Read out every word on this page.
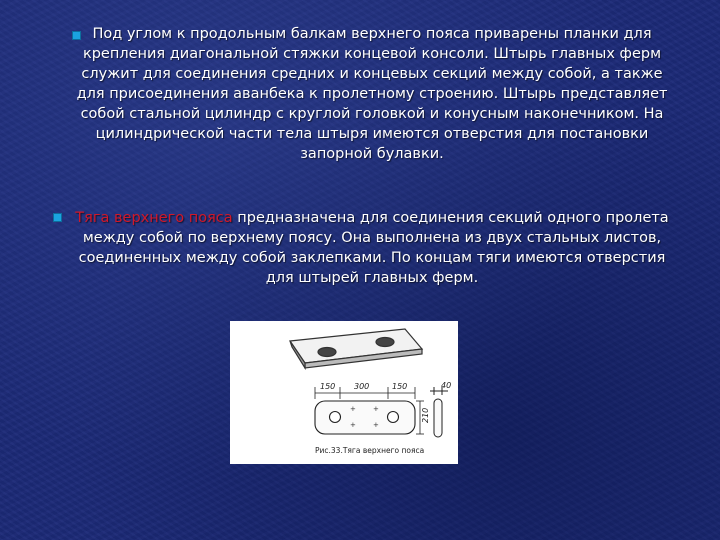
Под углом к продольным балкам верхнего пояса приварены планки для крепления диагональной стяжки концевой консоли. Штырь главных ферм служит для соединения средних и концевых секций между собой, а также для присоединения аванбека к пролетному строению. Штырь представляет собой стальной цилиндр с круглой головкой и конусным наконечником. На цилиндрической части тела штыря имеются отверстия для постановки запорной булавки.
Тяга верхнего пояса предназначена для соединения секций одного пролета между собой по верхнему поясу. Она выполнена из двух стальных листов, соединенных между собой заклепками. По концам тяги имеются отверстия для штырей главных ферм.
150 300	150
+ +
+ +
210
40
Рис.33.Тяга верхнего пояса
